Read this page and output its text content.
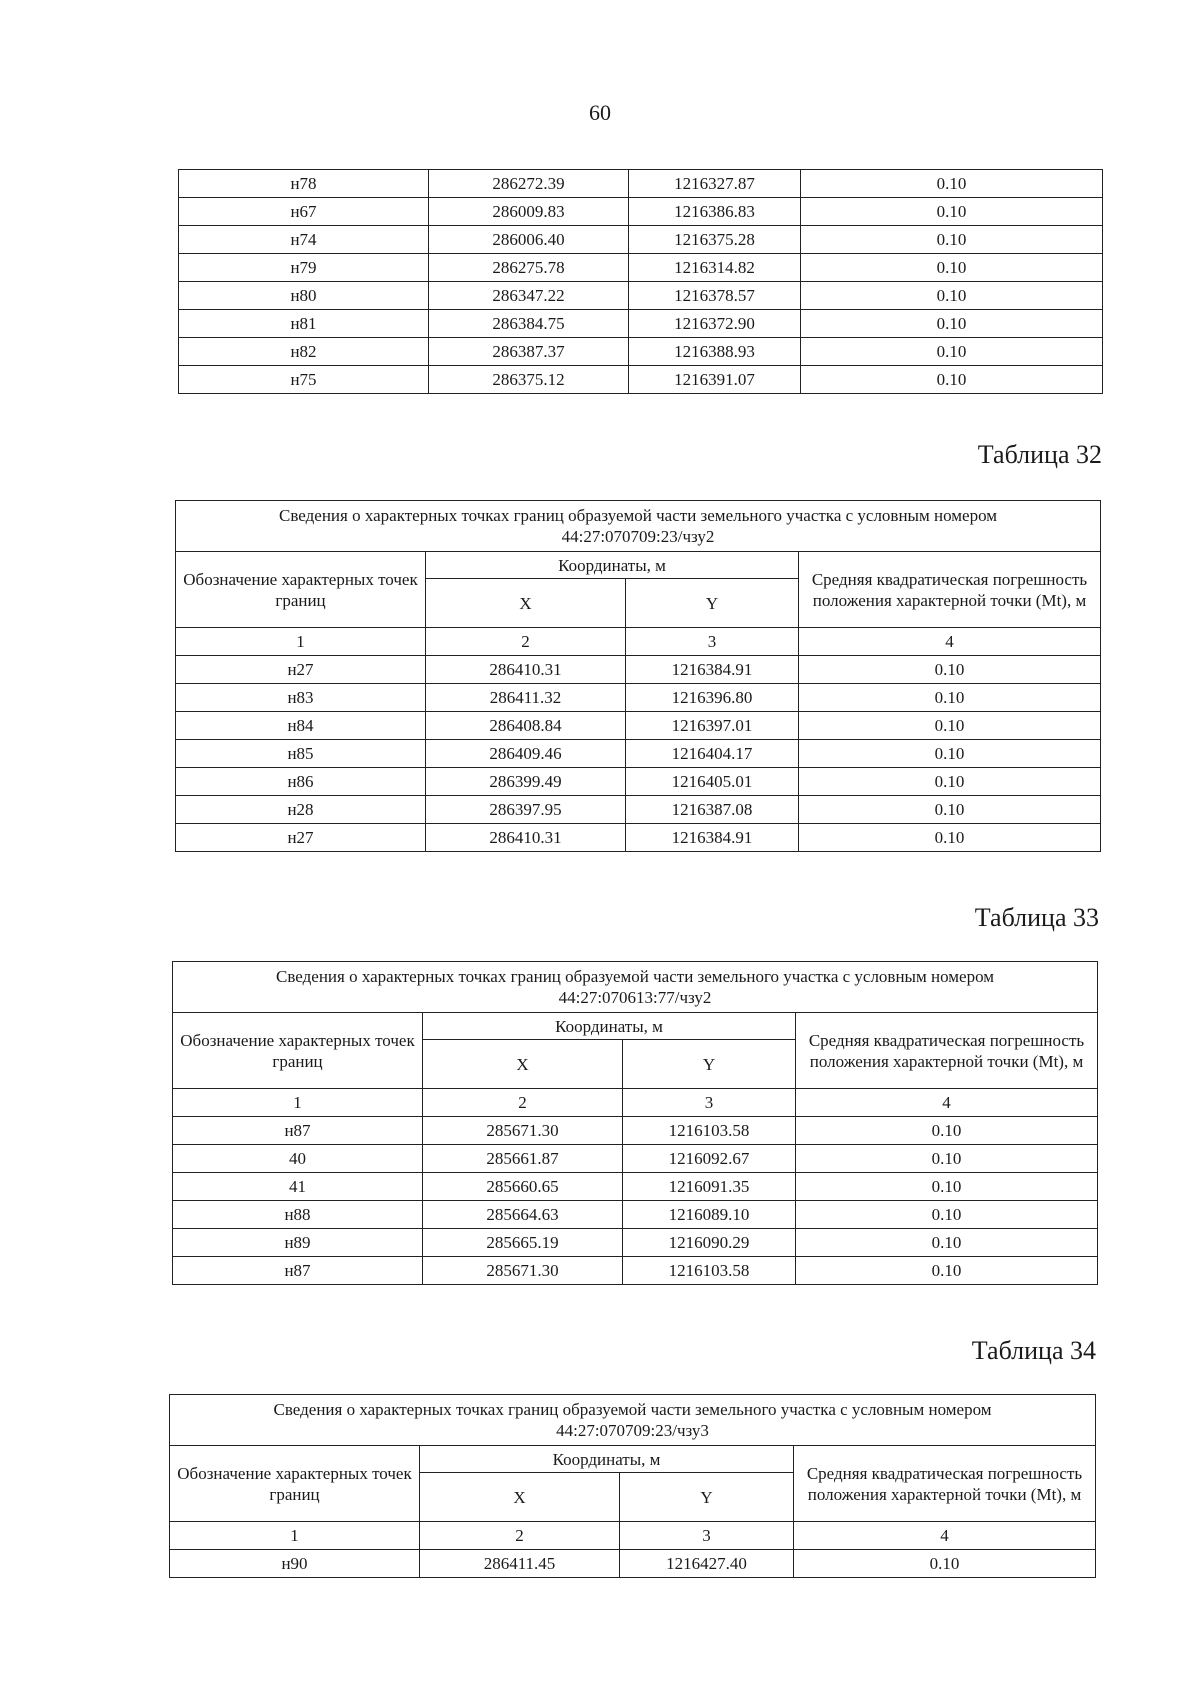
60
н78	286272.39	1216327.87	0.10
н67	286009.83	1216386.83	0.10
н74	286006.40	1216375.28	0.10
н79	286275.78	1216314.82	0.10
н80	286347.22	1216378.57	0.10
н81	286384.75	1216372.90	0.10
н82	286387.37	1216388.93	0.10
н75	286375.12	1216391.07	0.10
Таблица 32
Сведения о характерных точках границ образуемой части земельного участка с условным номером
44:27:070709:23/чзу2			

Обозначение характерных точек границ	Координаты, м		Средняя квадратическая погрешность положения характерной точки (Mt), м
	X	Y	
1	2	3	4
н27	286410.31	1216384.91	0.10
н83	286411.32	1216396.80	0.10
н84	286408.84	1216397.01	0.10
н85	286409.46	1216404.17	0.10
н86	286399.49	1216405.01	0.10
н28	286397.95	1216387.08	0.10
н27	286410.31	1216384.91	0.10
Таблица 33
Сведения о характерных точках границ образуемой части земельного участка с условным номером
44:27:070613:77/чзу2			

Обозначение характерных точек границ	Координаты, м		Средняя квадратическая погрешность положения характерной точки (Mt), м
	X	Y	
1	2	3	4
н87	285671.30	1216103.58	0.10
40	285661.87	1216092.67	0.10
41	285660.65	1216091.35	0.10
н88	285664.63	1216089.10	0.10
н89	285665.19	1216090.29	0.10
н87	285671.30	1216103.58	0.10
Таблица 34
Сведения о характерных точках границ образуемой части земельного участка с условным номером
44:27:070709:23/чзу3			

Обозначение характерных точек границ	Координаты, м		Средняя квадратическая погрешность положения характерной точки (Mt), м
	X	Y	
1	2	3	4
н90	286411.45	1216427.40	0.10
